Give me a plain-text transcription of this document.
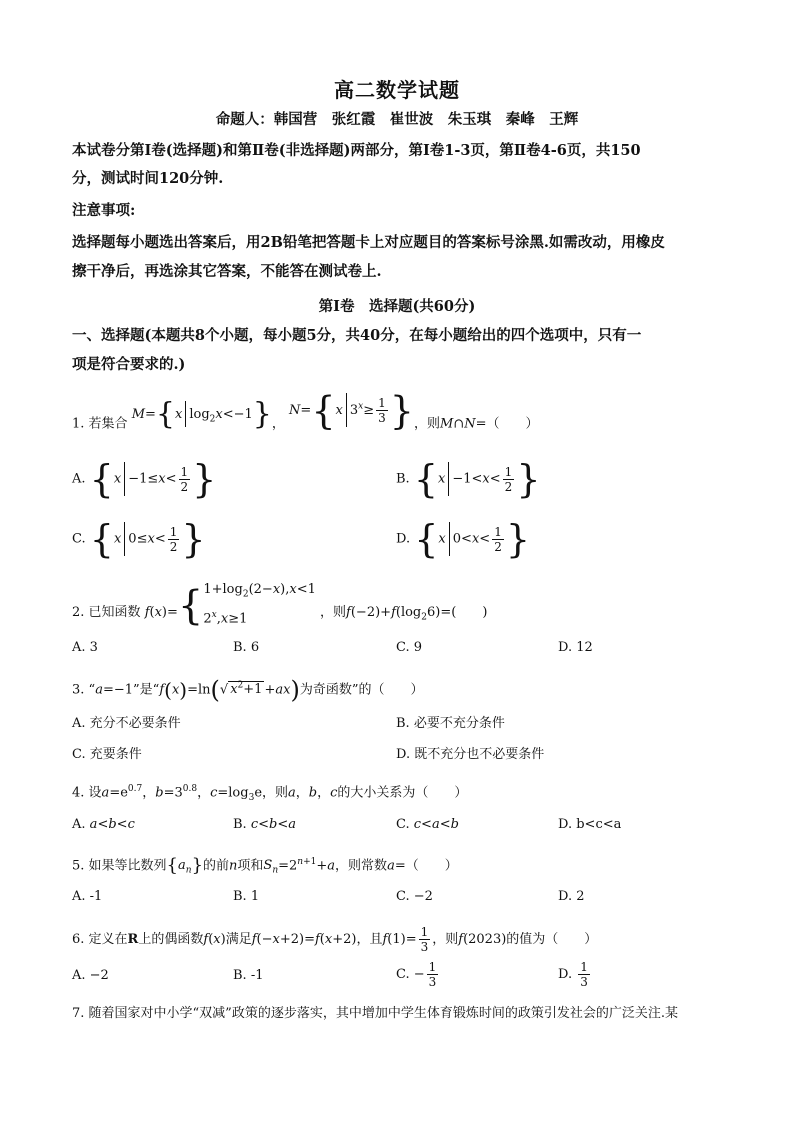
高二数学试题
命题人：韩国营　张红霞　崔世波　朱玉琪　秦峰　王辉
本试卷分第Ⅰ卷(选择题)和第Ⅱ卷(非选择题)两部分，第Ⅰ卷1-3页，第Ⅱ卷4-6页，共150
分，测试时间120分钟.
注意事项:
选择题每小题选出答案后，用2B铅笔把答题卡上对应题目的答案标号涂黑.如需改动，用橡皮
擦干净后，再选涂其它答案，不能答在测试卷上.
第Ⅰ卷　选择题(共60分)
一、选择题(本题共8个小题，每小题5分，共40分，在每小题给出的四个选项中，只有一
项是符合要求的.)
1. 若集合 M={x $\log_2x<-1$}， N={x $3^x\ge \frac{1}{3}$ }，则M∩N=（　　）
A. {$x -1\le x< \frac{1}{2}$ }	B. {$x -1<x< \frac{1}{2}$ }
C. {x $0\le x< \frac{1}{2}$ }	D. {x $0<x< \frac{1}{2}$ }
2. 已知函数 $f(x)=\{1+\log_2(2-x),x<1$
$2^x,x\ge 1$	，则$f(-2)+f(\log_26)=$(　　)
A. 3	B. 6	C. 9	D. 12
3. “a=−1”是“f(x)=ln(√ $x^2+1 +ax$)为奇函数”的（　　）
A. 充分不必要条件	B. 必要不充分条件
C. 充要条件	D. 既不充分也不必要条件
4. 设$a=e^{0.7}$，$b=3^{0.8}$，$c=\log_3e$，则a，b，c的大小关系为（　　）
A. a<b<c	B. c<b<a	C. c<a<b	D. b<c<a
5. 如果等比数列$\{a_n\}$的前n项和$S_n=2^{n+1}+a$，则常数a=（　　）
A. -1	B. 1	C. −2	D. 2
6. 定义在R上的偶函数f(x)满足f(−x+2)=f(x+2)，且$f(1)= \frac{1}{3}$ ，则f(2023)的值为（　　）
A. −2	B. -1	C. − $\frac{1}{3}$	D. $\frac{1}{3}$
7. 随着国家对中小学“双减”政策的逐步落实，其中增加中学生体育锻炼时间的政策引发社会的广泛关注.某
